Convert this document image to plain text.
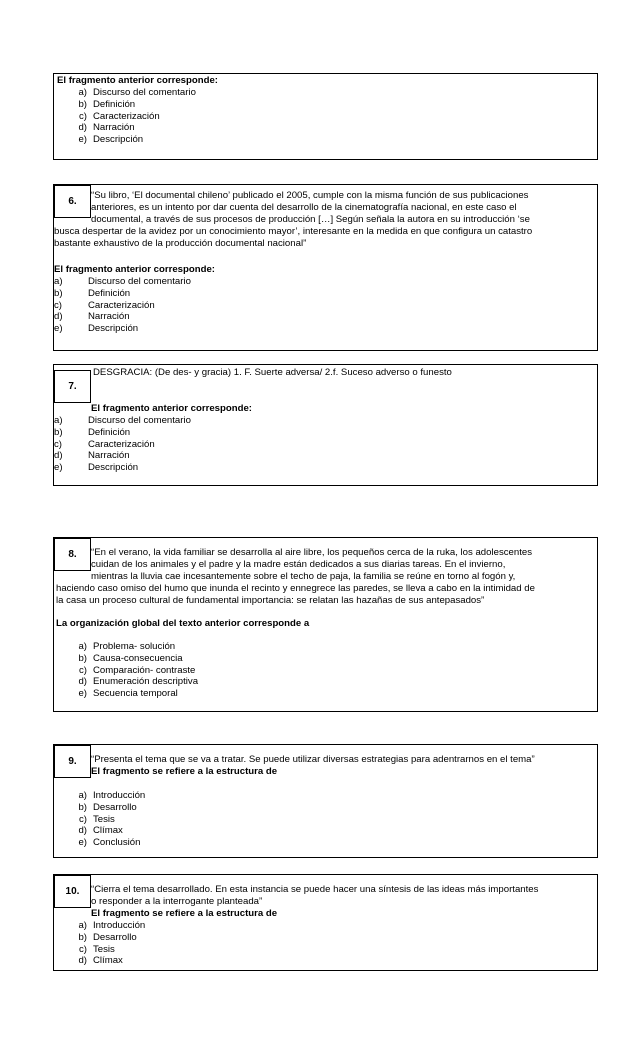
El fragmento anterior corresponde:
a) Discurso del comentario
b) Definición
c) Caracterización
d) Narración
e) Descripción
6.
“Su libro, ‘El documental chileno’ publicado el 2005, cumple con la misma función de sus publicaciones
anteriores, es un intento por dar cuenta del desarrollo de la cinematografía nacional, en este caso el
documental, a través de sus procesos de producción […] Según señala la autora en su introducción ‘se
busca despertar de la avidez por un conocimiento mayor’, interesante en la medida en que configura un catastro
bastante exhaustivo de la producción documental nacional”
El fragmento anterior corresponde:
a)	Discurso del comentario
b)	Definición
c)	Caracterización
d)	Narración
e)	Descripción
7.
DESGRACIA: (De des- y gracia) 1. F. Suerte adversa/ 2.f. Suceso adverso o funesto
El fragmento anterior corresponde:
a)	Discurso del comentario
b)	Definición
c)	Caracterización
d)	Narración
e)	Descripción
8.	“En el verano, la vida familiar se desarrolla al aire libre, los pequeños cerca de la ruka, los adolescentes
cuidan de los animales y el padre y la madre están dedicados a sus diarias tareas. En el invierno,
mientras la lluvia cae incesantemente sobre el techo de paja, la familia se reúne en torno al fogón y,
haciendo caso omiso del humo que inunda el recinto y ennegrece las paredes, se lleva a cabo en la intimidad de
la casa un proceso cultural de fundamental importancia: se relatan las hazañas de sus antepasados”
La organización global del texto anterior corresponde a
a) Problema- solución
b) Causa-consecuencia
c) Comparación- contraste
d) Enumeración descriptiva
e) Secuencia temporal
9.	“Presenta el tema que se va a tratar. Se puede utilizar diversas estrategias para adentrarnos en el tema”
El fragmento se refiere a la estructura de
a) Introducción
b) Desarrollo
c) Tesis
d) Clímax
e) Conclusión
10.	“Cierra el tema desarrollado. En esta instancia se puede hacer una síntesis de las ideas más importantes
o responder a la interrogante planteada”
El fragmento se refiere a la estructura de
a) Introducción
b) Desarrollo
c) Tesis
d) Clímax
